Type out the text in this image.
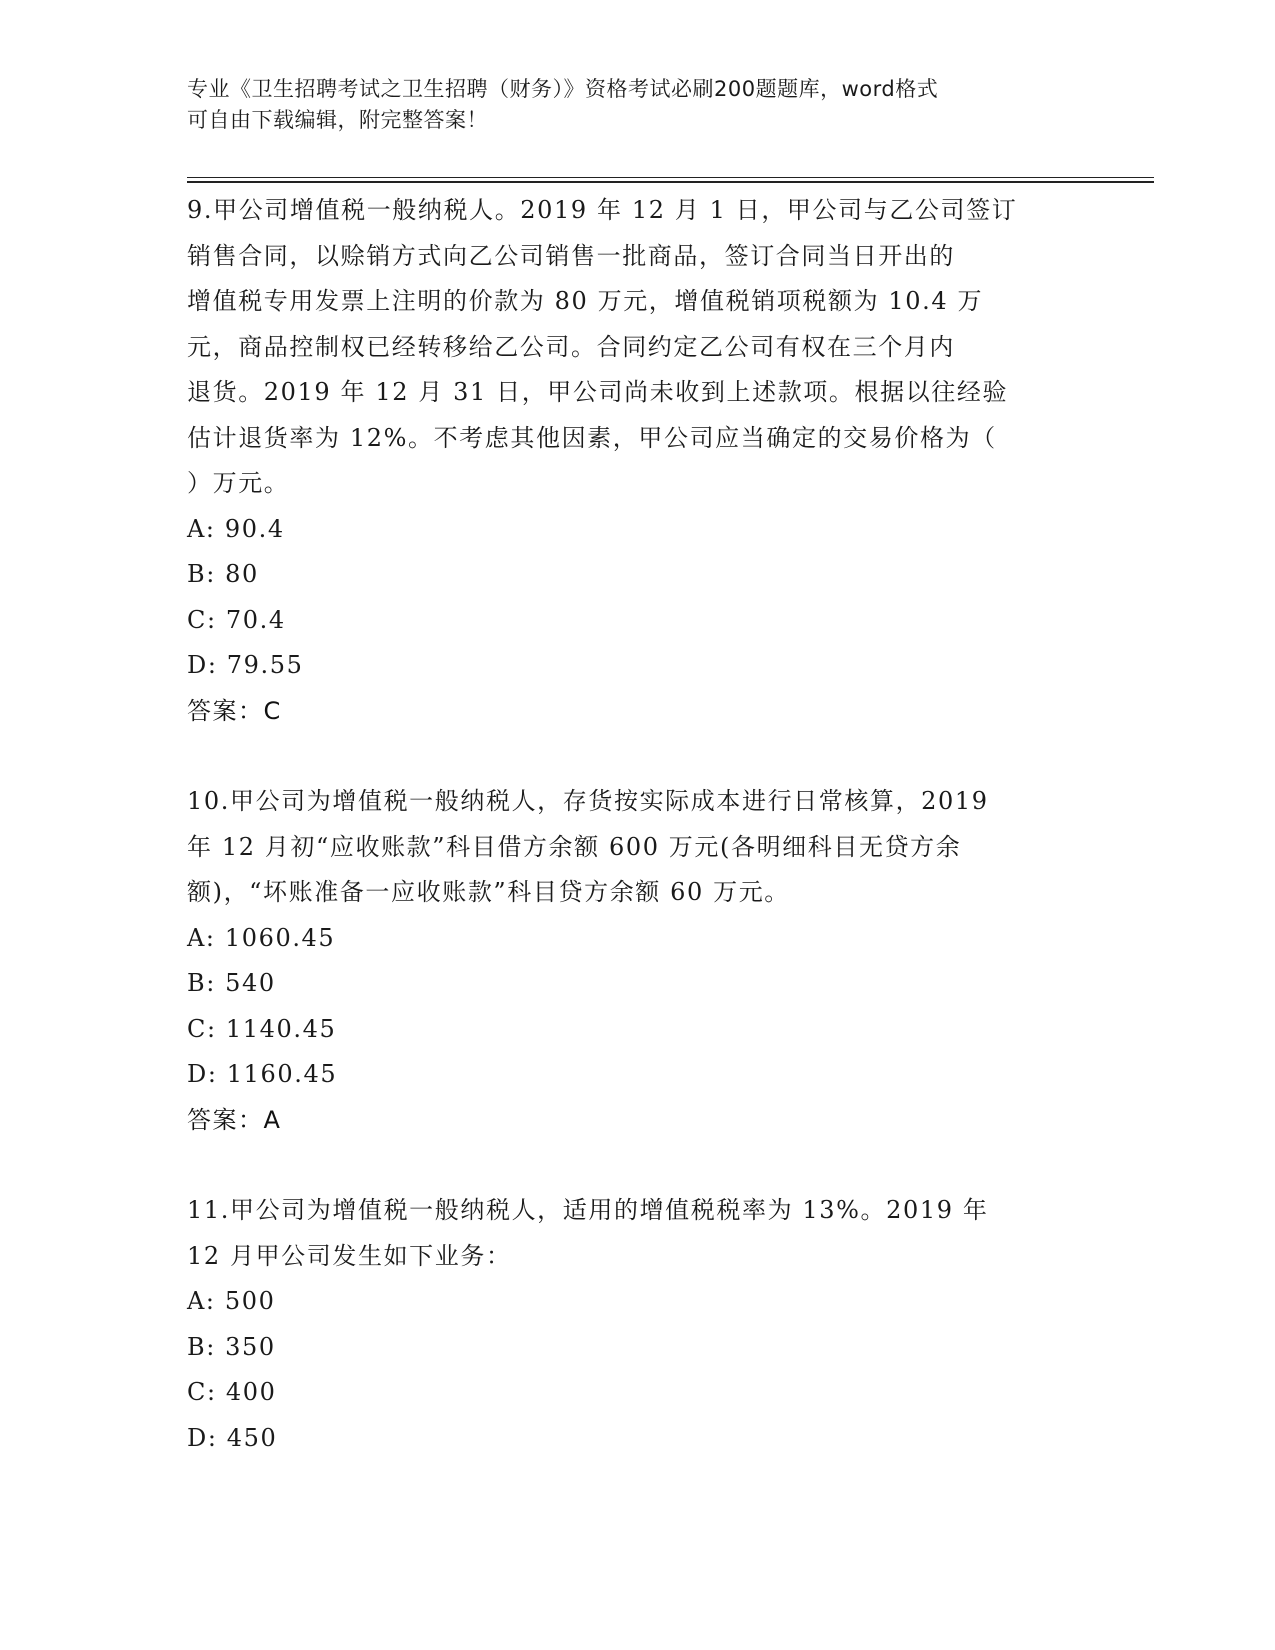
专业《卫生招聘考试之卫生招聘（财务）》资格考试必刷200题题库，word格式
可自由下载编辑，附完整答案！
9.甲公司增值税一般纳税人。2019 年 12 月 1 日，甲公司与乙公司签订
销售合同，以赊销方式向乙公司销售一批商品，签订合同当日开出的
增值税专用发票上注明的价款为 80 万元，增值税销项税额为 10.4 万
元，商品控制权已经转移给乙公司。合同约定乙公司有权在三个月内
退货。2019 年 12 月 31 日，甲公司尚未收到上述款项。根据以往经验
估计退货率为 12%。不考虑其他因素，甲公司应当确定的交易价格为（
）万元。
A: 90.4
B: 80
C: 70.4
D: 79.55
答案：C
10.甲公司为增值税一般纳税人，存货按实际成本进行日常核算，2019
年 12 月初“应收账款”科目借方余额 600 万元(各明细科目无贷方余
额)，“坏账准备一应收账款”科目贷方余额 60 万元。
A: 1060.45
B: 540
C: 1140.45
D: 1160.45
答案：A
11.甲公司为增值税一般纳税人，适用的增值税税率为 13%。2019 年
12 月甲公司发生如下业务：
A: 500
B: 350
C: 400
D: 450
